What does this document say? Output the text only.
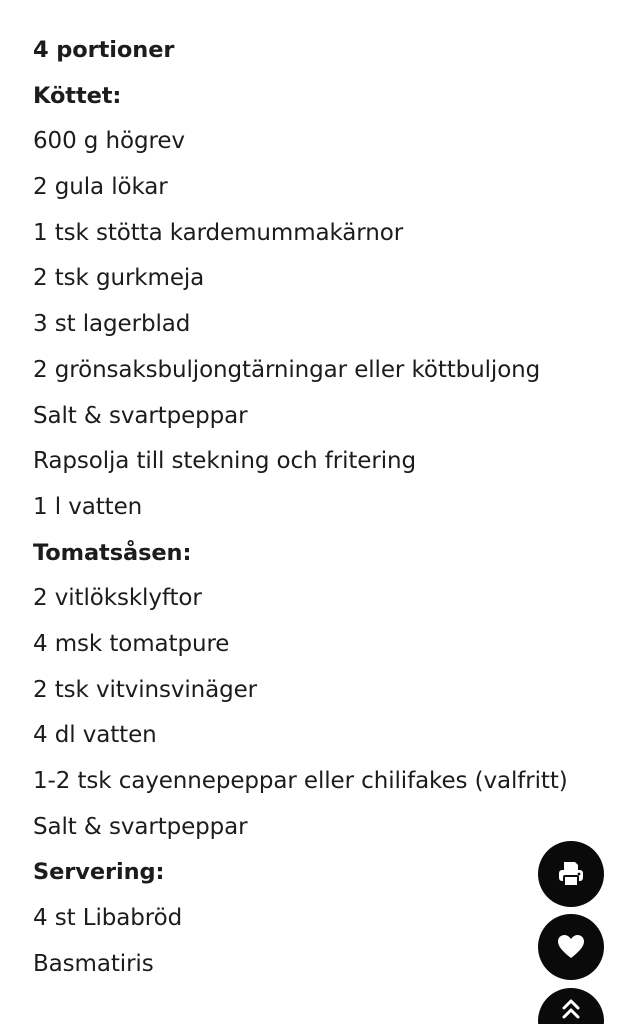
4 portioner
Köttet:
600 g högrev
2 gula lökar
1 tsk stötta kardemummakärnor
2 tsk gurkmeja
3 st lagerblad
2 grönsaksbuljongtärningar eller köttbuljong
Salt & svartpeppar
Rapsolja till stekning och fritering
1 l vatten
Tomatsåsen:
2 vitlöksklyftor
4 msk tomatpure
2 tsk vitvinsvinäger
4 dl vatten
1-2 tsk cayennepeppar eller chilifakes (valfritt)
Salt & svartpeppar
Servering:
4 st Libabröd
Basmatiris
